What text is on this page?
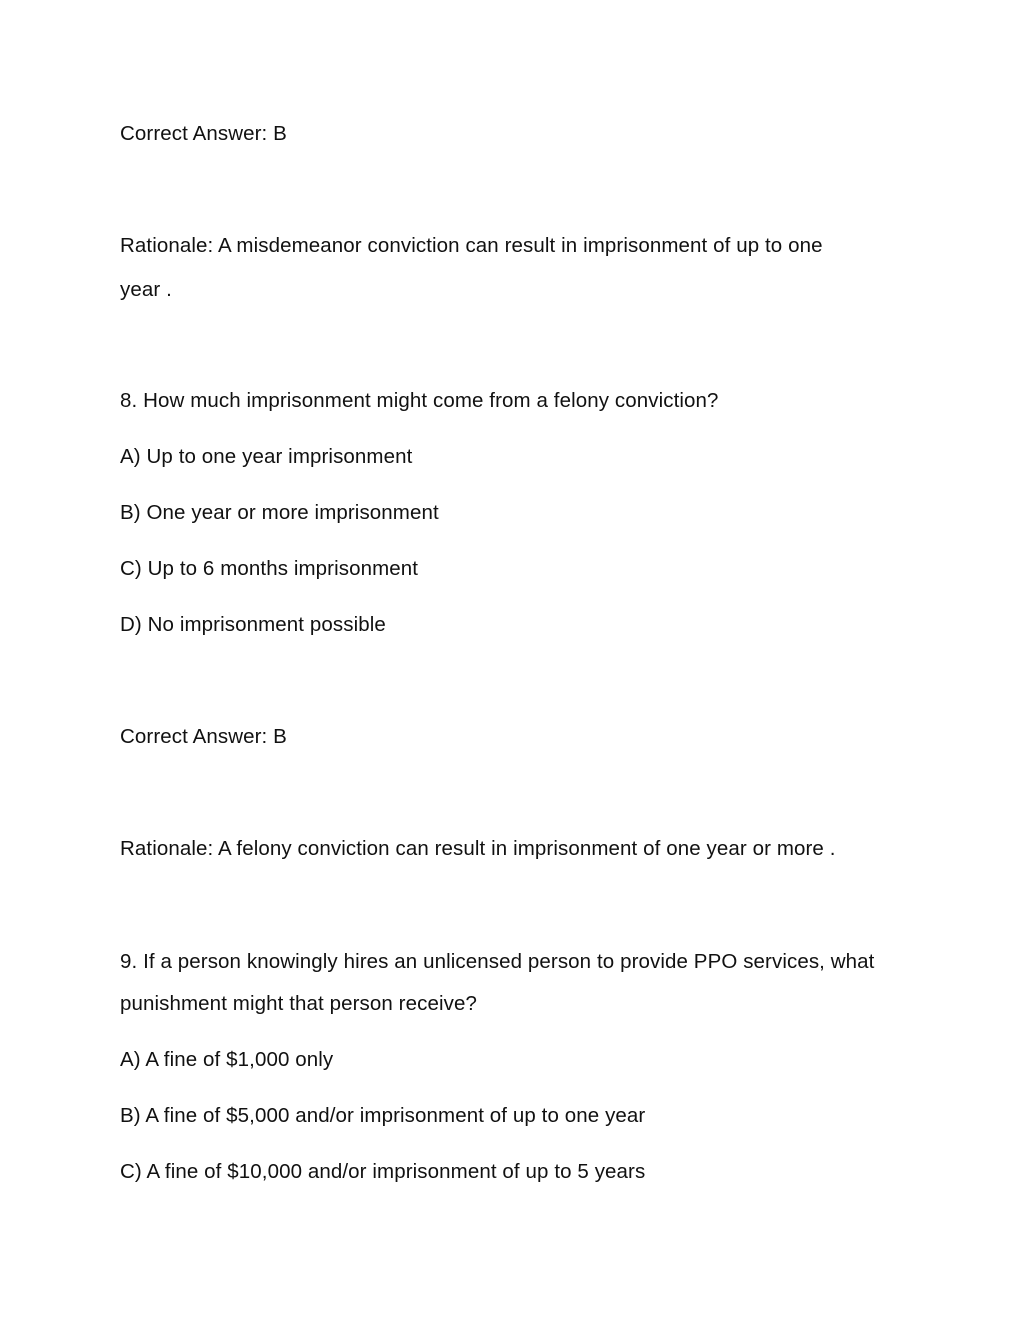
Correct Answer: B
Rationale: A misdemeanor conviction can result in imprisonment of up to one
year .
8. How much imprisonment might come from a felony conviction?
A) Up to one year imprisonment
B) One year or more imprisonment
C) Up to 6 months imprisonment
D) No imprisonment possible
Correct Answer: B
Rationale: A felony conviction can result in imprisonment of one year or more .
9. If a person knowingly hires an unlicensed person to provide PPO services, what
punishment might that person receive?
A) A fine of $1,000 only
B) A fine of $5,000 and/or imprisonment of up to one year
C) A fine of $10,000 and/or imprisonment of up to 5 years
